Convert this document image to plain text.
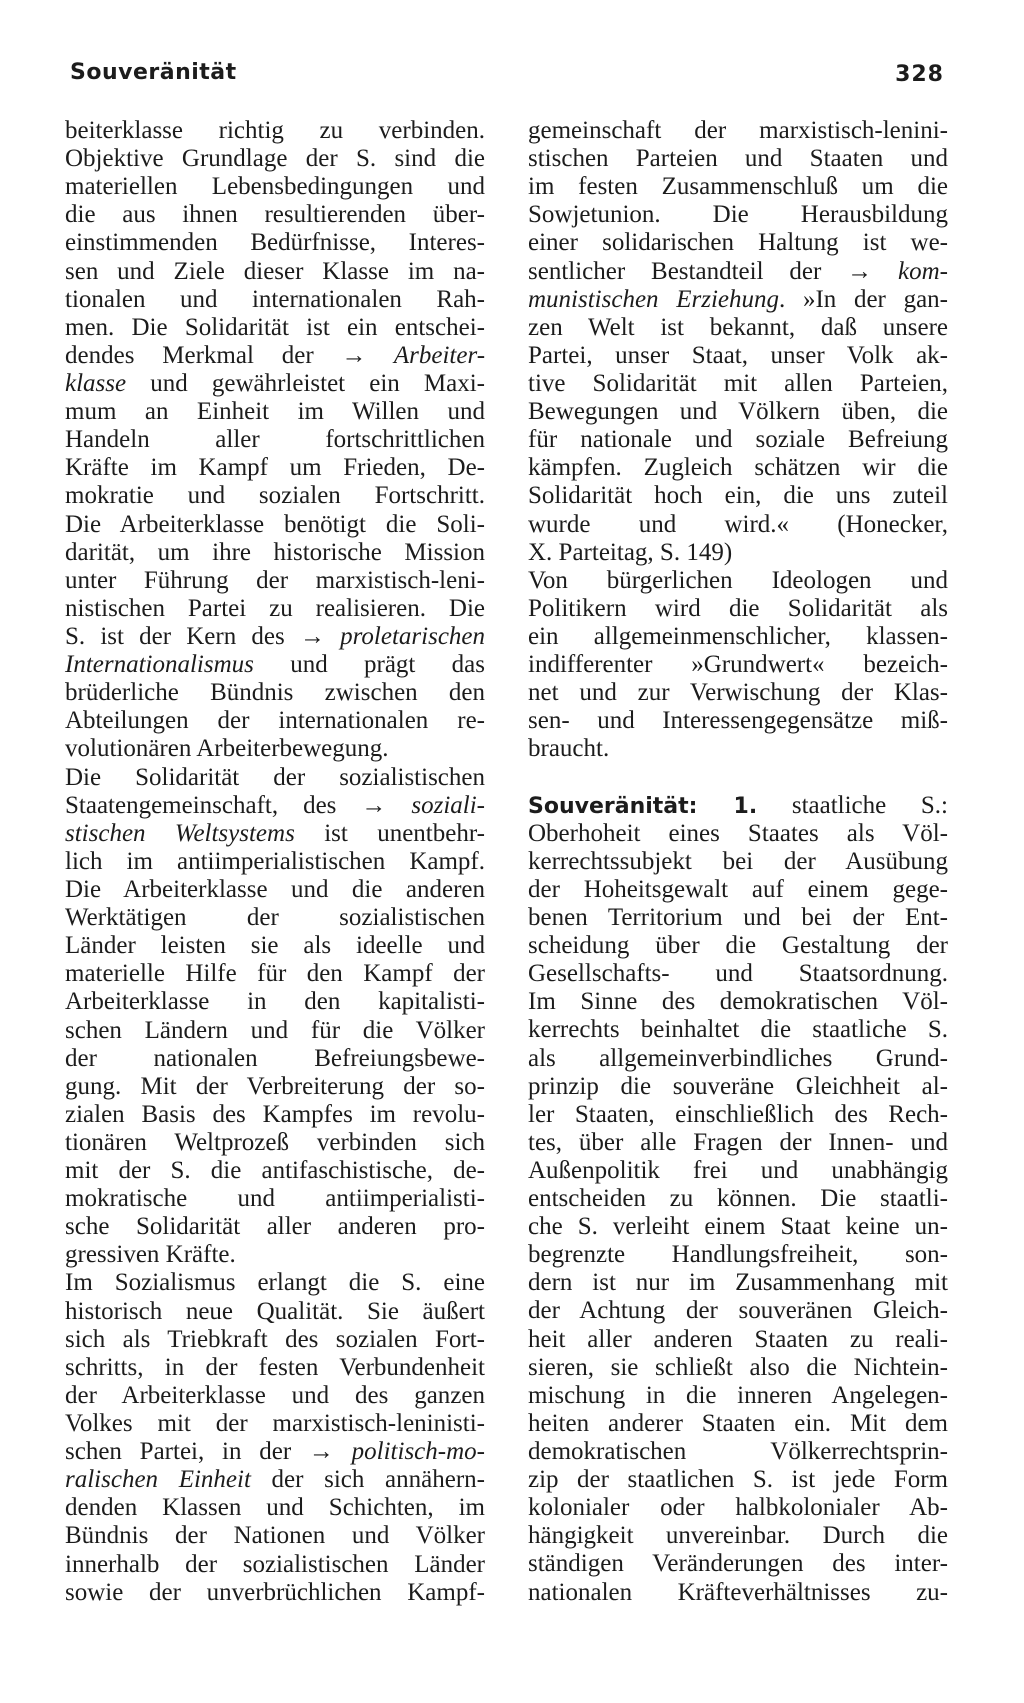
Souveränität	328
beiterklasse richtig zu verbinden.
Objektive Grundlage der S. sind die
materiellen Lebensbedingungen und
die aus ihnen resultierenden über-
einstimmenden Bedürfnisse, Interes-
sen und Ziele dieser Klasse im na-
tionalen und internationalen Rah-
men. Die Solidarität ist ein entschei-
dendes Merkmal der → Arbeiter-
klasse und gewährleistet ein Maxi-
mum an Einheit im Willen und
Handeln aller fortschrittlichen
Kräfte im Kampf um Frieden, De-
mokratie und sozialen Fortschritt.
Die Arbeiterklasse benötigt die Soli-
darität, um ihre historische Mission
unter Führung der marxistisch-leni-
nistischen Partei zu realisieren. Die
S. ist der Kern des → proletarischen
Internationalismus und prägt das
brüderliche Bündnis zwischen den
Abteilungen der internationalen re-
volutionären Arbeiterbewegung.
Die Solidarität der sozialistischen
Staatengemeinschaft, des → soziali-
stischen Weltsystems ist unentbehr-
lich im antiimperialistischen Kampf.
Die Arbeiterklasse und die anderen
Werktätigen der sozialistischen
Länder leisten sie als ideelle und
materielle Hilfe für den Kampf der
Arbeiterklasse in den kapitalisti-
schen Ländern und für die Völker
der nationalen Befreiungsbewe-
gung. Mit der Verbreiterung der so-
zialen Basis des Kampfes im revolu-
tionären Weltprozeß verbinden sich
mit der S. die antifaschistische, de-
mokratische und antiimperialisti-
sche Solidarität aller anderen pro-
gressiven Kräfte.
Im Sozialismus erlangt die S. eine
historisch neue Qualität. Sie äußert
sich als Triebkraft des sozialen Fort-
schritts, in der festen Verbundenheit
der Arbeiterklasse und des ganzen
Volkes mit der marxistisch-leninisti-
schen Partei, in der → politisch-mo-
ralischen Einheit der sich annähern-
denden Klassen und Schichten, im
Bündnis der Nationen und Völker
innerhalb der sozialistischen Länder
sowie der unverbrüchlichen Kampf-
gemeinschaft der marxistisch-lenini-
stischen Parteien und Staaten und
im festen Zusammenschluß um die
Sowjetunion. Die Herausbildung
einer solidarischen Haltung ist we-
sentlicher Bestandteil der → kom-
munistischen Erziehung. »In der gan-
zen Welt ist bekannt, daß unsere
Partei, unser Staat, unser Volk ak-
tive Solidarität mit allen Parteien,
Bewegungen und Völkern üben, die
für nationale und soziale Befreiung
kämpfen. Zugleich schätzen wir die
Solidarität hoch ein, die uns zuteil
wurde und wird.« (Honecker,
X. Parteitag, S. 149)
Von bürgerlichen Ideologen und
Politikern wird die Solidarität als
ein allgemeinmenschlicher, klassen-
indifferenter »Grundwert« bezeich-
net und zur Verwischung der Klas-
sen- und Interessengegensätze miß-
braucht.
Souveränität: 1. staatliche S.:
Oberhoheit eines Staates als Völ-
kerrechtssubjekt bei der Ausübung
der Hoheitsgewalt auf einem gege-
benen Territorium und bei der Ent-
scheidung über die Gestaltung der
Gesellschafts- und Staatsordnung.
Im Sinne des demokratischen Völ-
kerrechts beinhaltet die staatliche S.
als allgemeinverbindliches Grund-
prinzip die souveräne Gleichheit al-
ler Staaten, einschließlich des Rech-
tes, über alle Fragen der Innen- und
Außenpolitik frei und unabhängig
entscheiden zu können. Die staatli-
che S. verleiht einem Staat keine un-
begrenzte Handlungsfreiheit, son-
dern ist nur im Zusammenhang mit
der Achtung der souveränen Gleich-
heit aller anderen Staaten zu reali-
sieren, sie schließt also die Nichtein-
mischung in die inneren Angelegen-
heiten anderer Staaten ein. Mit dem
demokratischen Völkerrechtsprin-
zip der staatlichen S. ist jede Form
kolonialer oder halbkolonialer Ab-
hängigkeit unvereinbar. Durch die
ständigen Veränderungen des inter-
nationalen Kräfteverhältnisses zu-
